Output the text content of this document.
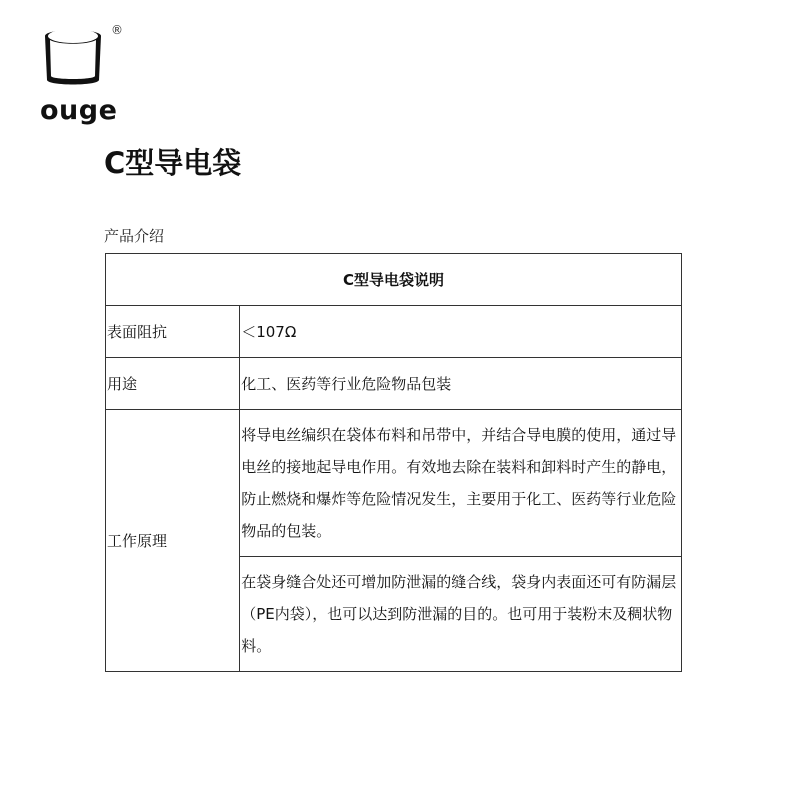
®
ouge
C型导电袋
产品介绍
C型导电袋说明	
表面阻抗	＜107Ω
用途	化工、医药等行业危险物品包装
工作原理	将导电丝编织在袋体布料和吊带中，并结合导电膜的使用，通过导电丝的接地起导电作用。有效地去除在装料和卸料时产生的静电，防止燃烧和爆炸等危险情况发生，主要用于化工、医药等行业危险物品的包装。
	在袋身缝合处还可增加防泄漏的缝合线，袋身内表面还可有防漏层（PE内袋），也可以达到防泄漏的目的。也可用于装粉末及稠状物料。
